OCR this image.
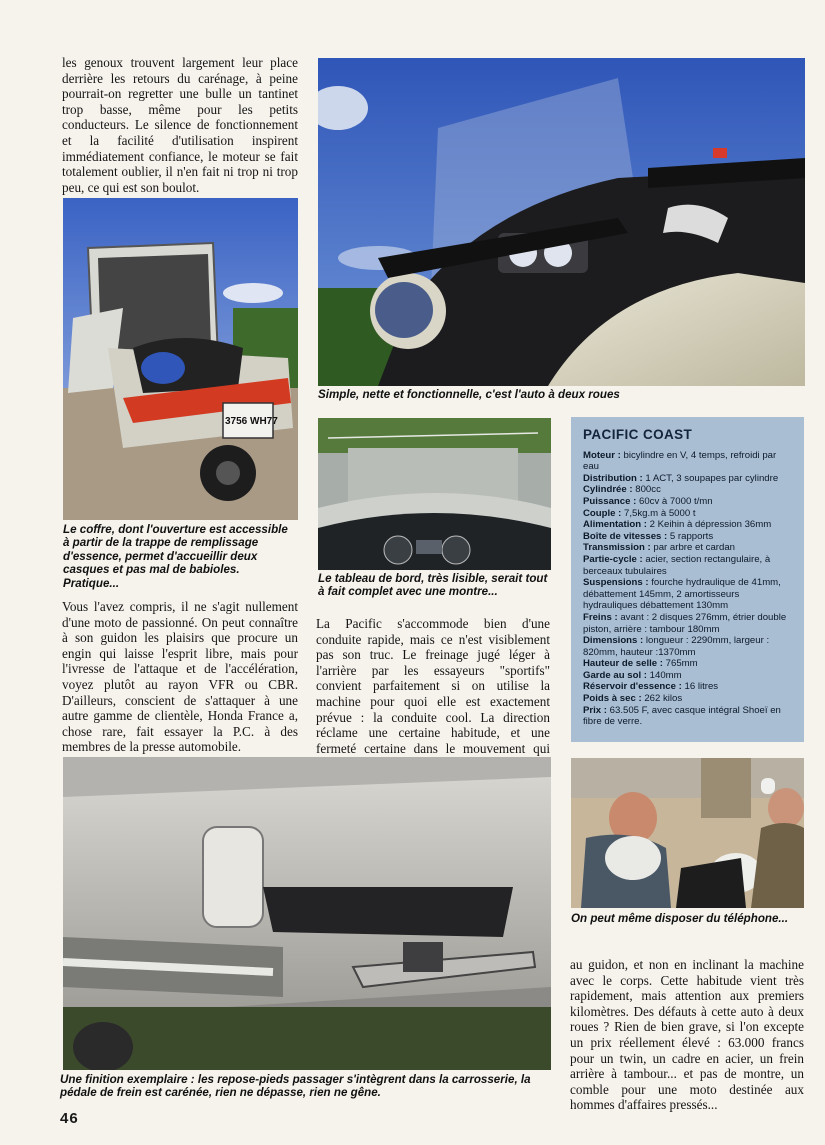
les genoux trouvent largement leur place derrière les retours du carénage, à peine pourrait-on regretter une bulle un tantinet trop basse, même pour les petits conducteurs. Le silence de fonctionnement et la facilité d'utilisation inspirent immédiatement confiance, le moteur se fait totalement oublier, il n'en fait ni trop ni trop peu, ce qui est son boulot.

Simple, nette et fonctionnelle, c'est l'auto à deux roues

3756 WH77

Le coffre, dont l'ouverture est accessible à partir de la trappe de remplissage d'essence, permet d'accueillir deux casques et pas mal de babioles. Pratique...	Le tableau de bord, très lisible, serait tout à fait complet avec une montre...

PACIFIC COAST
Moteur : bicylindre en V, 4 temps, refroidi par eau
Distribution : 1 ACT, 3 soupapes par cylindre
Cylindrée : 800cc
Puissance : 60cv à 7000 t/mn
Couple : 7,5kg.m à 5000 t
Alimentation : 2 Keihin à dépression 36mm
Boîte de vitesses : 5 rapports
Transmission : par arbre et cardan
Partie-cycle : acier, section rectangulaire, à berceaux tubulaires
Suspensions : fourche hydraulique de 41mm, débattement 145mm, 2 amortisseurs hydrauliques débattement 130mm
Freins : avant : 2 disques 276mm, étrier double piston, arrière : tambour 180mm
Dimensions : longueur : 2290mm, largeur : 820mm, hauteur :1370mm
Hauteur de selle : 765mm
Garde au sol : 140mm
Réservoir d'essence : 16 litres
Poids à sec : 262 kilos
Prix : 63.505 F, avec casque intégral Shoeï en fibre de verre.

Vous l'avez compris, il ne s'agit nullement d'une moto de passionné. On peut connaître à son guidon les plaisirs que procure un engin qui laisse l'esprit libre, mais pour l'ivresse de l'attaque et de l'accélération, voyez plutôt au rayon VFR ou CBR. D'ailleurs, conscient de s'attaquer à une autre gamme de clientèle, Honda France a, chose rare, fait essayer la P.C. à des membres de la presse automobile.

La Pacific s'accommode bien d'une conduite rapide, mais ce n'est visiblement pas son truc. Le freinage jugé léger à l'arrière par les essayeurs "sportifs" convient parfaitement si on utilise la machine pour quoi elle est exactement prévue : la conduite cool. La direction réclame une certaine habitude, et une fermeté certaine dans le mouvement qui

On peut même disposer du téléphone...

au guidon, et non en inclinant la machine avec le corps. Cette habitude vient très rapidement, mais attention aux premiers kilomètres. Des défauts à cette auto à deux roues ? Rien de bien grave, si l'on excepte un prix réellement élevé : 63.000 francs pour un twin, un cadre en acier, un frein arrière à tambour... et pas de montre, un comble pour une moto destinée aux hommes d'affaires pressés...

Une finition exemplaire : les repose-pieds passager s'intègrent dans la carrosserie, la pédale de frein est carénée, rien ne dépasse, rien ne gêne.

46
